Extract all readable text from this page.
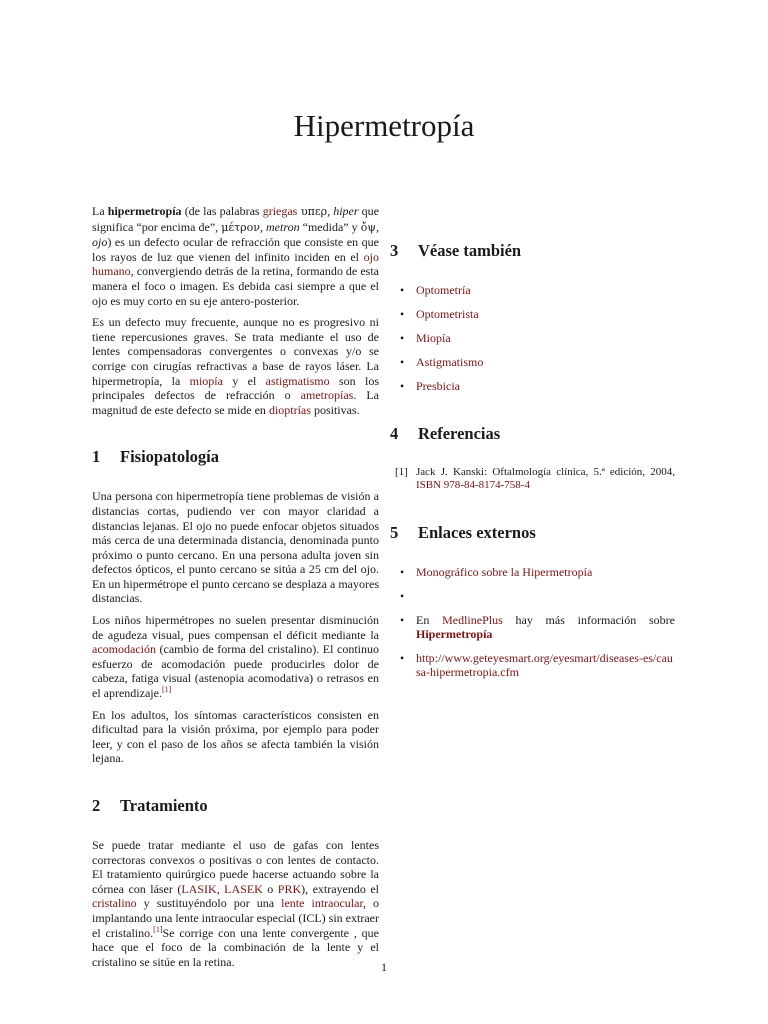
Hipermetropía

La hipermetropía (de las palabras griegas υπερ, hiper que significa “por encima de”, μέτρον, metron “medida” y ὄψ, ojo) es un defecto ocular de refracción que consiste en que los rayos de luz que vienen del infinito inciden en el ojo humano, convergiendo detrás de la retina, formando de esta manera el foco o imagen. Es debida casi siempre a que el ojo es muy corto en su eje antero-posterior.

Es un defecto muy frecuente, aunque no es progresivo ni tiene repercusiones graves. Se trata mediante el uso de lentes compensadoras convergentes o convexas y/o se corrige con cirugías refractivas a base de rayos láser. La hipermetropía, la miopía y el astigmatismo son los principales defectos de refracción o ametropías. La magnitud de este defecto se mide en dioptrías positivas.

1 Fisiopatología

Una persona con hipermetropía tiene problemas de visión a distancias cortas, pudiendo ver con mayor claridad a distancias lejanas. El ojo no puede enfocar objetos situados más cerca de una determinada distancia, denominada punto próximo o punto cercano. En una persona adulta joven sin defectos ópticos, el punto cercano se sitúa a 25 cm del ojo. En un hipermétrope el punto cercano se desplaza a mayores distancias.

Los niños hipermétropes no suelen presentar disminución de agudeza visual, pues compensan el déficit mediante la acomodación (cambio de forma del cristalino). El continuo esfuerzo de acomodación puede producirles dolor de cabeza, fatiga visual (astenopia acomodativa) o retrasos en el aprendizaje.[1]

En los adultos, los síntomas característicos consisten en dificultad para la visión próxima, por ejemplo para poder leer, y con el paso de los años se afecta también la visión lejana.

2 Tratamiento

Se puede tratar mediante el uso de gafas con lentes correctoras convexos o positivas o con lentes de contacto. El tratamiento quirúrgico puede hacerse actuando sobre la córnea con láser (LASIK, LASEK o PRK), extrayendo el cristalino y sustituyéndolo por una lente intraocular, o implantando una lente intraocular especial (ICL) sin extraer el cristalino.[1]Se corrige con una lente convergente , que hace que el foco de la combinación de la lente y el cristalino se sitúe en la retina.

3 Véase también
• Optometría
• Optometrista
• Miopía
• Astigmatismo
• Presbicia
4 Referencias
[1] Jack J. Kanski: Oftalmología clínica, 5.ª edición, 2004, ISBN 978-84-8174-758-4
5 Enlaces externos
• Monográfico sobre la Hipermetropía
•
• En MedlinePlus hay más información sobre Hipermetropía
• http://www.geteyesmart.org/eyesmart/diseases-es/causa-hipermetropia.cfm
1
